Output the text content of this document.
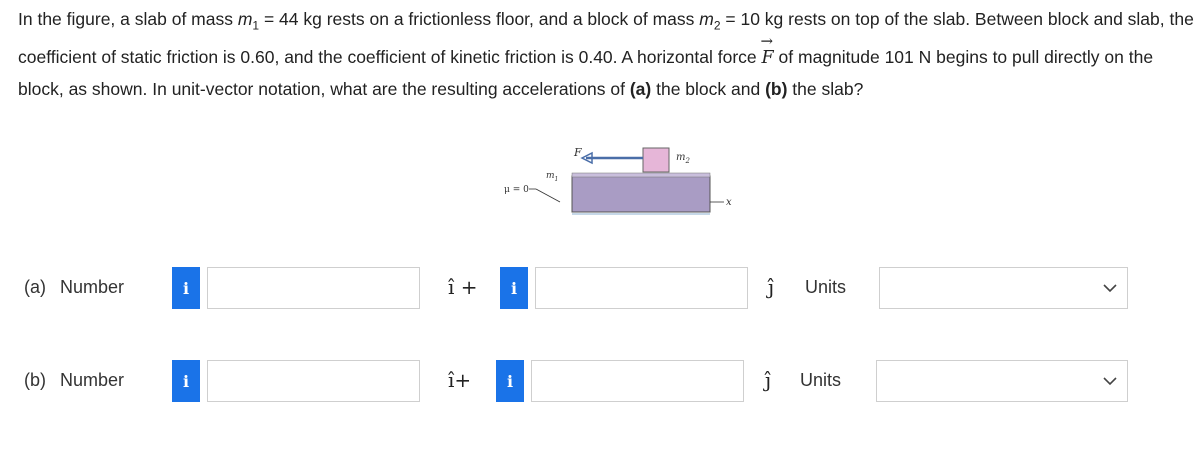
In the figure, a slab of mass $m_1 = 44$ kg rests on a frictionless floor, and a block of mass $m_2 = 10$ kg rests on top of the slab. Between block and slab, the coefficient of static friction is 0.60, and the coefficient of kinetic friction is 0.40. A horizontal force → F of magnitude 101 N begins to pull directly on the block, as shown. In unit-vector notation, what are the resulting accelerations of (a) the block and (b) the slab?
F	$m_2$
$m_1$
μ = 0
x
(a) Number	i	î +	i	ĵ Units
(b) Number	i	î+	i	ĵ Units
